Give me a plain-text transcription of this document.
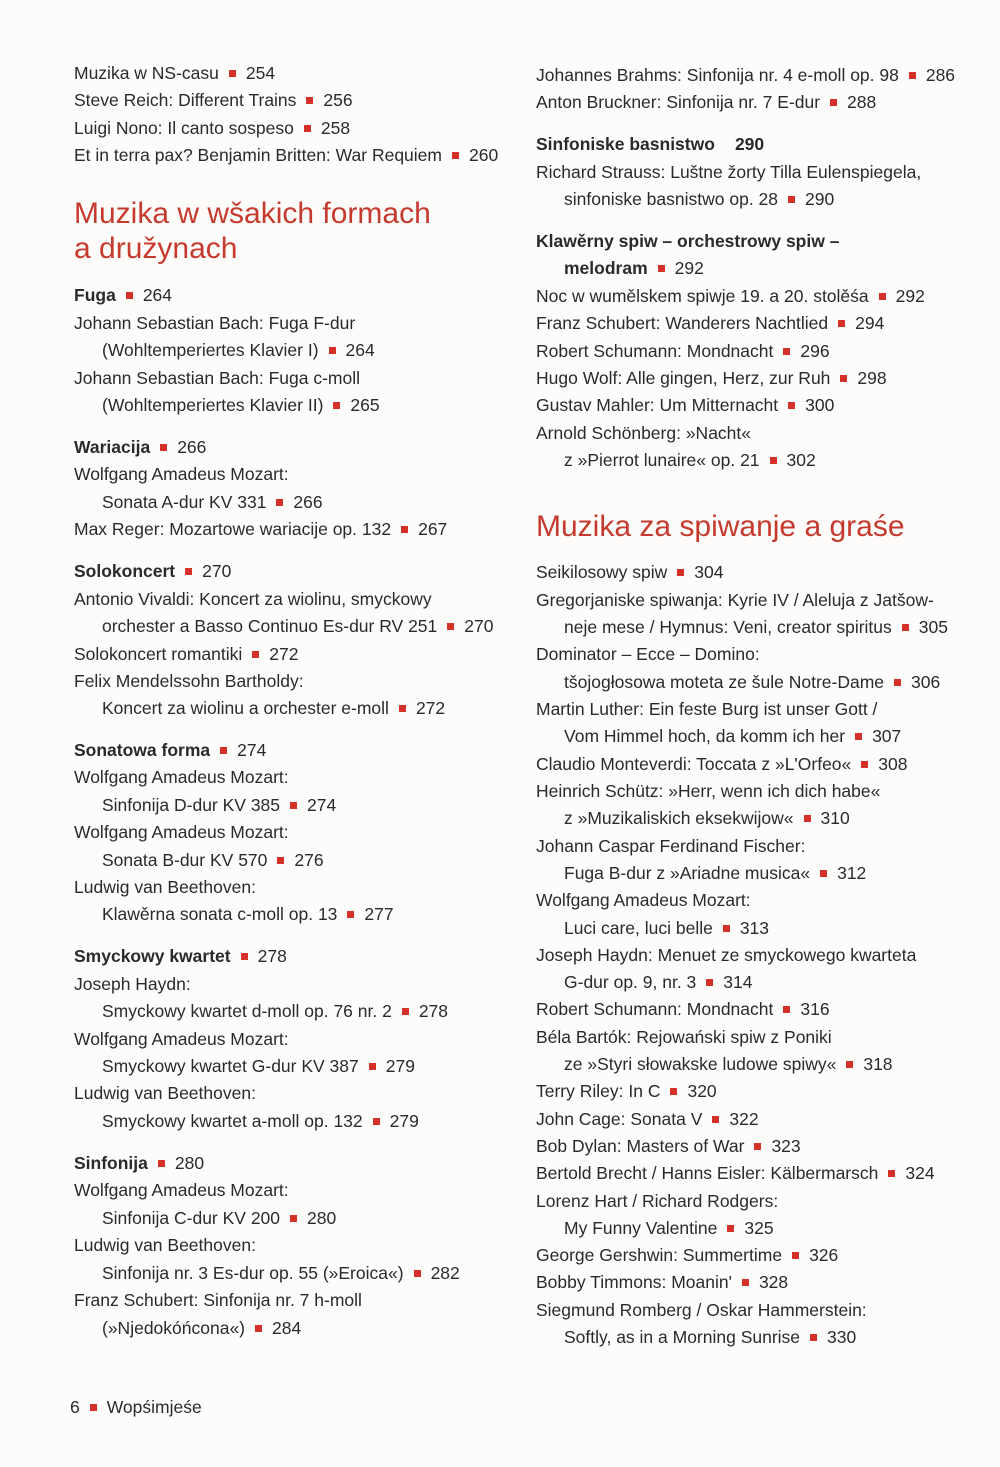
Muzika w NS-casu 254
Steve Reich: Different Trains 256
Luigi Nono: Il canto sospeso 258
Et in terra pax? Benjamin Britten: War Requiem 260
Muzika w wšakich formach
a družynach
Fuga 264
Johann Sebastian Bach: Fuga F-dur
(Wohltemperiertes Klavier I) 264
Johann Sebastian Bach: Fuga c-moll
(Wohltemperiertes Klavier II) 265
Wariacija 266
Wolfgang Amadeus Mozart:
Sonata A-dur KV 331 266
Max Reger: Mozartowe wariacije op. 132 267
Solokoncert 270
Antonio Vivaldi: Koncert za wiolinu, smyckowy
orchester a Basso Continuo Es-dur RV 251 270
Solokoncert romantiki 272
Felix Mendelssohn Bartholdy:
Koncert za wiolinu a orchester e-moll 272
Sonatowa forma 274
Wolfgang Amadeus Mozart:
Sinfonija D-dur KV 385 274
Wolfgang Amadeus Mozart:
Sonata B-dur KV 570 276
Ludwig van Beethoven:
Klawěrna sonata c-moll op. 13 277
Smyckowy kwartet 278
Joseph Haydn:
Smyckowy kwartet d-moll op. 76 nr. 2 278
Wolfgang Amadeus Mozart:
Smyckowy kwartet G-dur KV 387 279
Ludwig van Beethoven:
Smyckowy kwartet a-moll op. 132 279
Sinfonija 280
Wolfgang Amadeus Mozart:
Sinfonija C-dur KV 200 280
Ludwig van Beethoven:
Sinfonija nr. 3 Es-dur op. 55 (»Eroica«) 282
Franz Schubert: Sinfonija nr. 7 h-moll
(»Njedokóńcona«) 284
Johannes Brahms: Sinfonija nr. 4 e-moll op. 98 286
Anton Bruckner: Sinfonija nr. 7 E-dur 288
Sinfoniske basnistwo 290
Richard Strauss: Luštne žorty Tilla Eulenspiegela,
sinfoniske basnistwo op. 28 290
Klawěrny spiw – orchestrowy spiw –
melodram 292
Noc w wumělskem spiwje 19. a 20. stolěśa 292
Franz Schubert: Wanderers Nachtlied 294
Robert Schumann: Mondnacht 296
Hugo Wolf: Alle gingen, Herz, zur Ruh 298
Gustav Mahler: Um Mitternacht 300
Arnold Schönberg: »Nacht«
z »Pierrot lunaire« op. 21 302
Muzika za spiwanje a graśe
Seikilosowy spiw 304
Gregorjaniske spiwanja: Kyrie IV / Aleluja z Jatšow-
neje mese / Hymnus: Veni, creator spiritus 305
Dominator – Ecce – Domino:
tšojogłosowa moteta ze šule Notre-Dame 306
Martin Luther: Ein feste Burg ist unser Gott /
Vom Himmel hoch, da komm ich her 307
Claudio Monteverdi: Toccata z »L'Orfeo« 308
Heinrich Schütz: »Herr, wenn ich dich habe«
z »Muzikaliskich eksekwijow« 310
Johann Caspar Ferdinand Fischer:
Fuga B-dur z »Ariadne musica« 312
Wolfgang Amadeus Mozart:
Luci care, luci belle 313
Joseph Haydn: Menuet ze smyckowego kwarteta
G-dur op. 9, nr. 3 314
Robert Schumann: Mondnacht 316
Béla Bartók: Rejowański spiw z Poniki
ze »Styri słowakske ludowe spiwy« 318
Terry Riley: In C 320
John Cage: Sonata V 322
Bob Dylan: Masters of War 323
Bertold Brecht / Hanns Eisler: Kälbermarsch 324
Lorenz Hart / Richard Rodgers:
My Funny Valentine 325
George Gershwin: Summertime 326
Bobby Timmons: Moanin' 328
Siegmund Romberg / Oskar Hammerstein:
Softly, as in a Morning Sunrise 330
6 Wopśimjeśe
